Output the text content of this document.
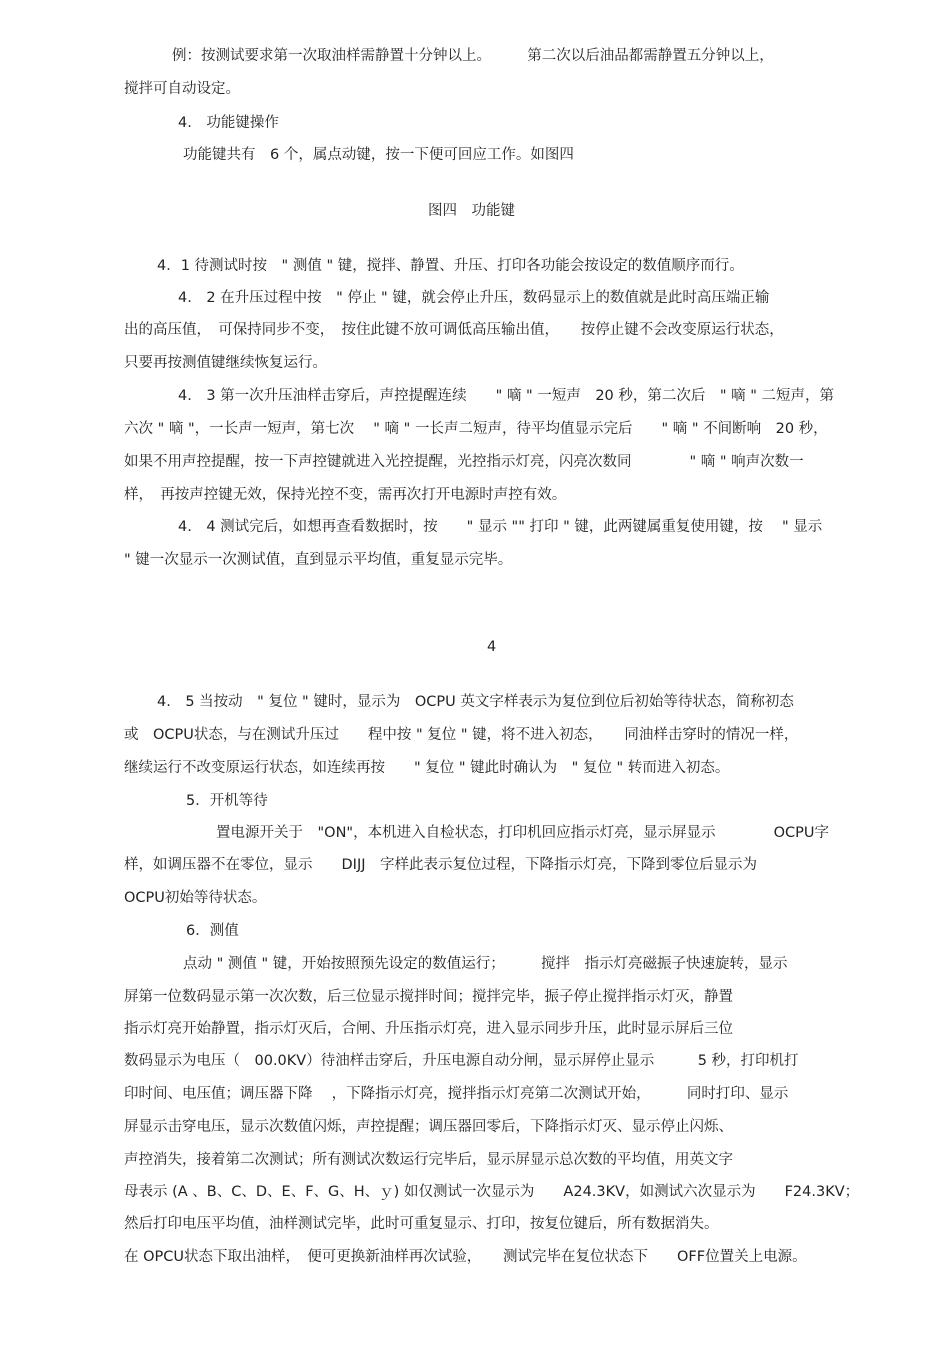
例：按测试要求第一次取油样需静置十分钟以上。　　　第二次以后油品都需静置五分钟以上，
搅拌可自动设定。
4.　功能键操作
功能键共有　6 个，属点动键，按一下便可回应工作。如图四
图四　功能键
4．1 待测试时按　" 测值 " 键，搅拌、静置、升压、打印各功能会按设定的数值顺序而行。
4.　2 在升压过程中按　" 停止 " 键，就会停止升压，数码显示上的数值就是此时高压端正输
出的高压值，　可保持同步不变，　按住此键不放可调低高压输出值，　　按停止键不会改变原运行状态，
只要再按测值键继续恢复运行。
4.　3 第一次升压油样击穿后，声控提醒连续　　" 嘀 " 一短声　20 秒，第二次后　" 嘀 " 二短声，第
六次 " 嘀 "，一长声一短声，第七次　 " 嘀 " 一长声二短声，待平均值显示完后　　" 嘀 " 不间断响　20 秒，
如果不用声控提醒，按一下声控键就进入光控提醒，光控指示灯亮，闪亮次数同　　　　" 嘀 " 响声次数一
样，　再按声控键无效，保持光控不变，需再次打开电源时声控有效。
4.　4 测试完后，如想再查看数据时，按　　" 显示 "" 打印 " 键，此两键属重复使用键，按　 " 显示
" 键一次显示一次测试值，直到显示平均值，重复显示完毕。
4
4.　5 当按动　" 复位 " 键时，显示为　OCPU 英文字样表示为复位到位后初始等待状态，简称初态
或　OCPU状态，与在测试升压过　　程中按 " 复位 " 键，将不进入初态，　　同油样击穿时的情况一样，
继续运行不改变原运行状态，如连续再按　　" 复位 " 键此时确认为　" 复位 " 转而进入初态。
5．开机等待
置电源开关于　"ON"，本机进入自检状态，打印机回应指示灯亮，显示屏显示　　　　OCPU字
样，如调压器不在零位，显示　　DIJJ　字样此表示复位过程，下降指示灯亮，下降到零位后显示为
OCPU初始等待状态。
6．测值
点动 " 测值 " 键，开始按照预先设定的数值运行；　　　搅拌　指示灯亮磁振子快速旋转，显示
屏第一位数码显示第一次次数，后三位显示搅拌时间；搅拌完毕，振子停止搅拌指示灯灭，静置
指示灯亮开始静置，指示灯灭后，合闸、升压指示灯亮，进入显示同步升压，此时显示屏后三位
数码显示为电压（　00.0KV）待油样击穿后，升压电源自动分闸，显示屏停止显示　　　5 秒，打印机打
印时间、电压值；调压器下降　 ，下降指示灯亮，搅拌指示灯亮第二次测试开始，　　　同时打印、显示
屏显示击穿电压，显示次数值闪烁，声控提醒；调压器回零后，下降指示灯灭、显示停止闪烁、
声控消失，接着第二次测试；所有测试次数运行完毕后，显示屏显示总次数的平均值，用英文字
母表示 (A 、B、C、D、E、F、G、H、ｙ) 如仅测试一次显示为　　A24.3KV，如测试六次显示为　　F24.3KV；
然后打印电压平均值，油样测试完毕，此时可重复显示、打印，按复位键后，所有数据消失。
在 OPCU状态下取出油样，　便可更换新油样再次试验，　　测试完毕在复位状态下　　OFF位置关上电源。
